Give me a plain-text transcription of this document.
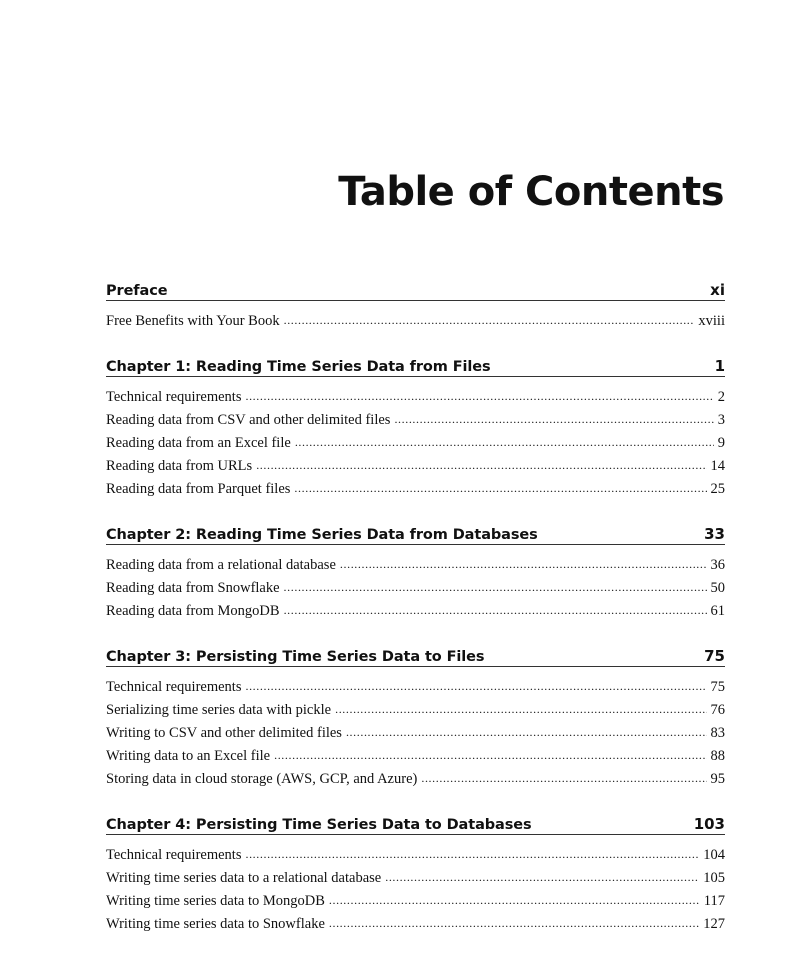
Table of Contents
Preface	xi
Free Benefits with Your Book .....	xviii
Chapter 1: Reading Time Series Data from Files	1
Technical requirements .....	2
Reading data from CSV and other delimited files .....	3
Reading data from an Excel file .....	9
Reading data from URLs .....	14
Reading data from Parquet files .....	25
Chapter 2: Reading Time Series Data from Databases	33
Reading data from a relational database .....	36
Reading data from Snowflake .....	50
Reading data from MongoDB .....	61
Chapter 3: Persisting Time Series Data to Files	75
Technical requirements .....	75
Serializing time series data with pickle .....	76
Writing to CSV and other delimited files .....	83
Writing data to an Excel file .....	88
Storing data in cloud storage (AWS, GCP, and Azure) .....	95
Chapter 4: Persisting Time Series Data to Databases	103
Technical requirements .....	104
Writing time series data to a relational database .....	105
Writing time series data to MongoDB .....	117
Writing time series data to Snowflake .....	127
